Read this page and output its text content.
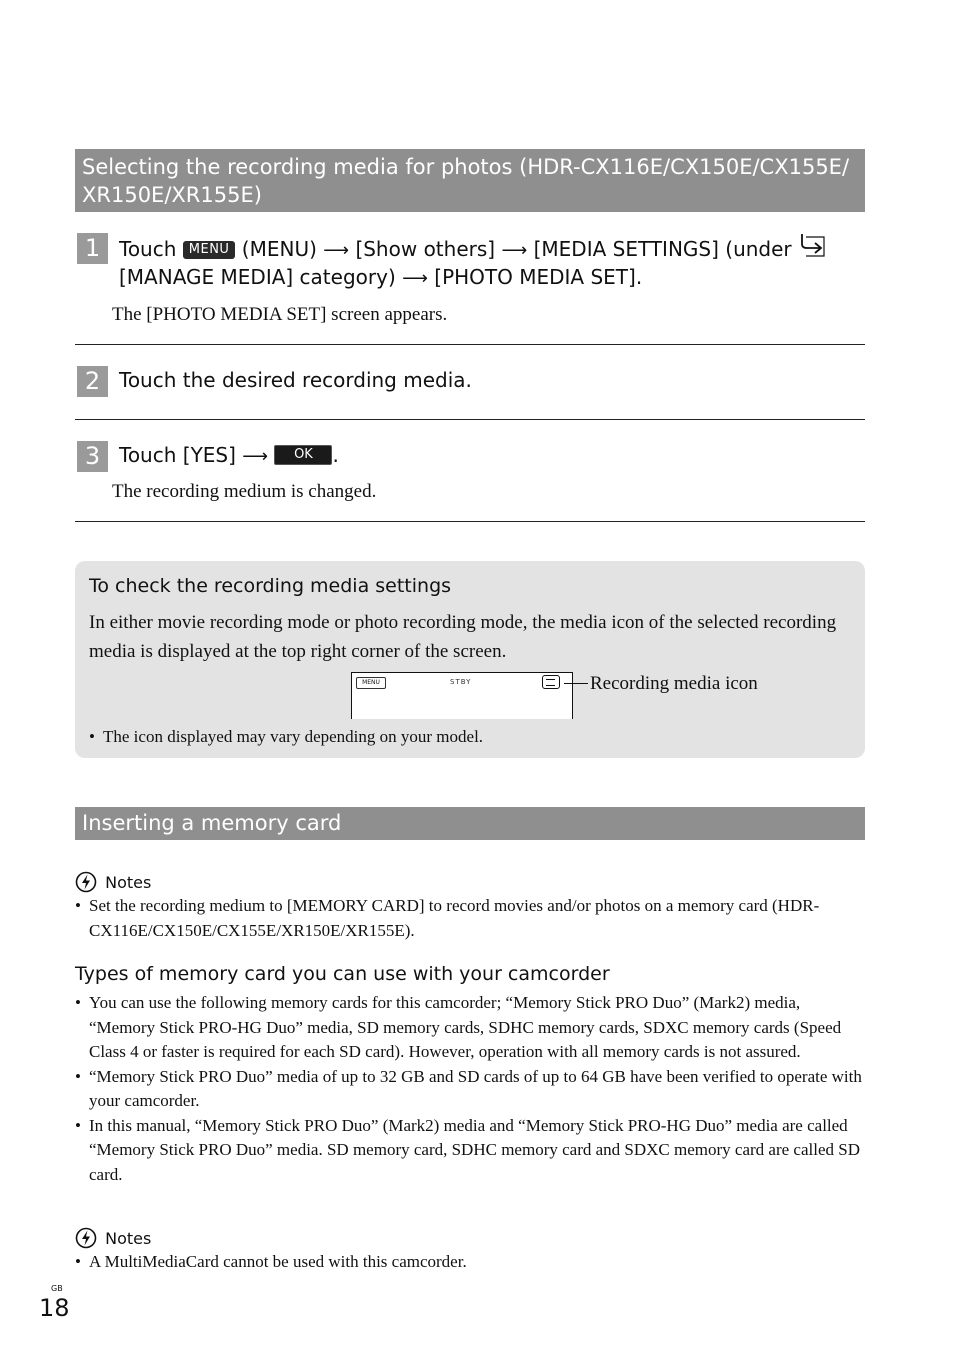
Selecting the recording media for photos (HDR-CX116E/CX150E/CX155E/ XR150E/XR155E)
1 Touch MENU (MENU) ⟶ [Show others] ⟶ [MEDIA SETTINGS] (under
[MANAGE MEDIA] category) ⟶ [PHOTO MEDIA SET].
The [PHOTO MEDIA SET] screen appears.
2 Touch the desired recording media.
3 Touch [YES] ⟶ OK .
The recording medium is changed.
To check the recording media settings
In either movie recording mode or photo recording mode, the media icon of the selected recording media is displayed at the top right corner of the screen.
MENU	STBY	Recording media icon
• The icon displayed may vary depending on your model.
Inserting a memory card
Notes
• Set the recording medium to [MEMORY CARD] to record movies and/or photos on a memory card (HDR-CX116E/CX150E/CX155E/XR150E/XR155E).
Types of memory card you can use with your camcorder
• You can use the following memory cards for this camcorder; “Memory Stick PRO Duo” (Mark2) media, “Memory Stick PRO-HG Duo” media, SD memory cards, SDHC memory cards, SDXC memory cards (Speed Class 4 or faster is required for each SD card). However, operation with all memory cards is not assured.
• “Memory Stick PRO Duo” media of up to 32 GB and SD cards of up to 64 GB have been verified to operate with your camcorder.
• In this manual, “Memory Stick PRO Duo” (Mark2) media and “Memory Stick PRO-HG Duo” media are called “Memory Stick PRO Duo” media. SD memory card, SDHC memory card and SDXC memory card are called SD card.
Notes
• A MultiMediaCard cannot be used with this camcorder.
GB
18
